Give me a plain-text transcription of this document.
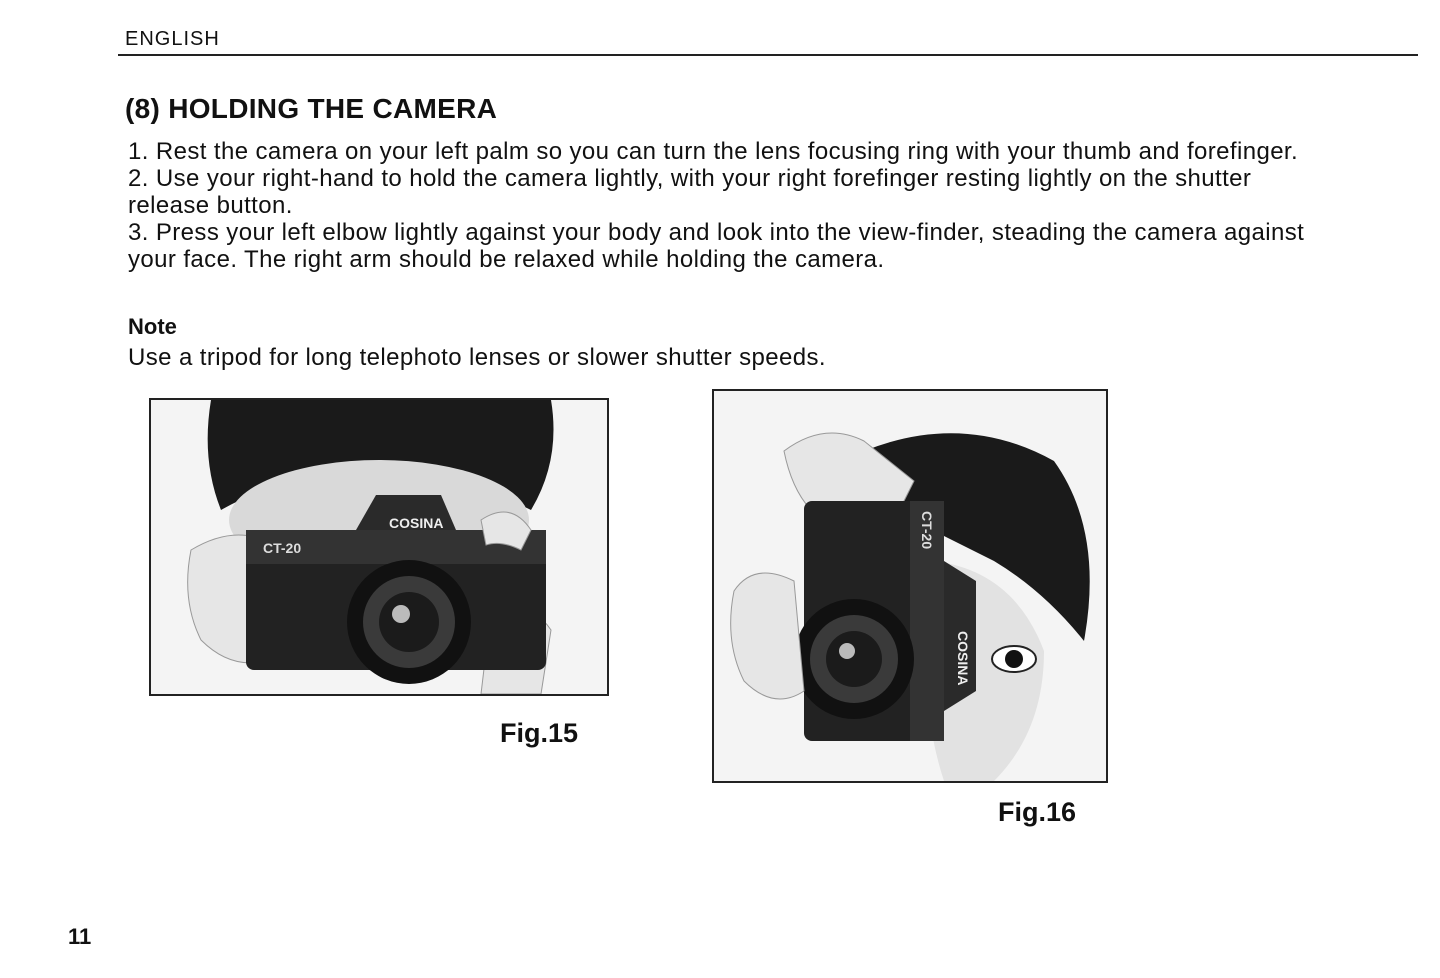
ENGLISH
(8) HOLDING THE CAMERA

1. Rest the camera on your left palm so you can turn the lens focusing ring with your thumb and forefinger.

2. Use your right-hand to hold the camera lightly, with your right forefinger resting lightly on the shutter release button.

3. Press your left elbow lightly against your body and look into the view-finder, steading the camera against your face. The right arm should be relaxed while holding the camera.

Note
Use a tripod for long telephoto lenses or slower shutter speeds.
COSINA
CT-20
Fig.15
COSINA
CT-20
Fig.16
11
